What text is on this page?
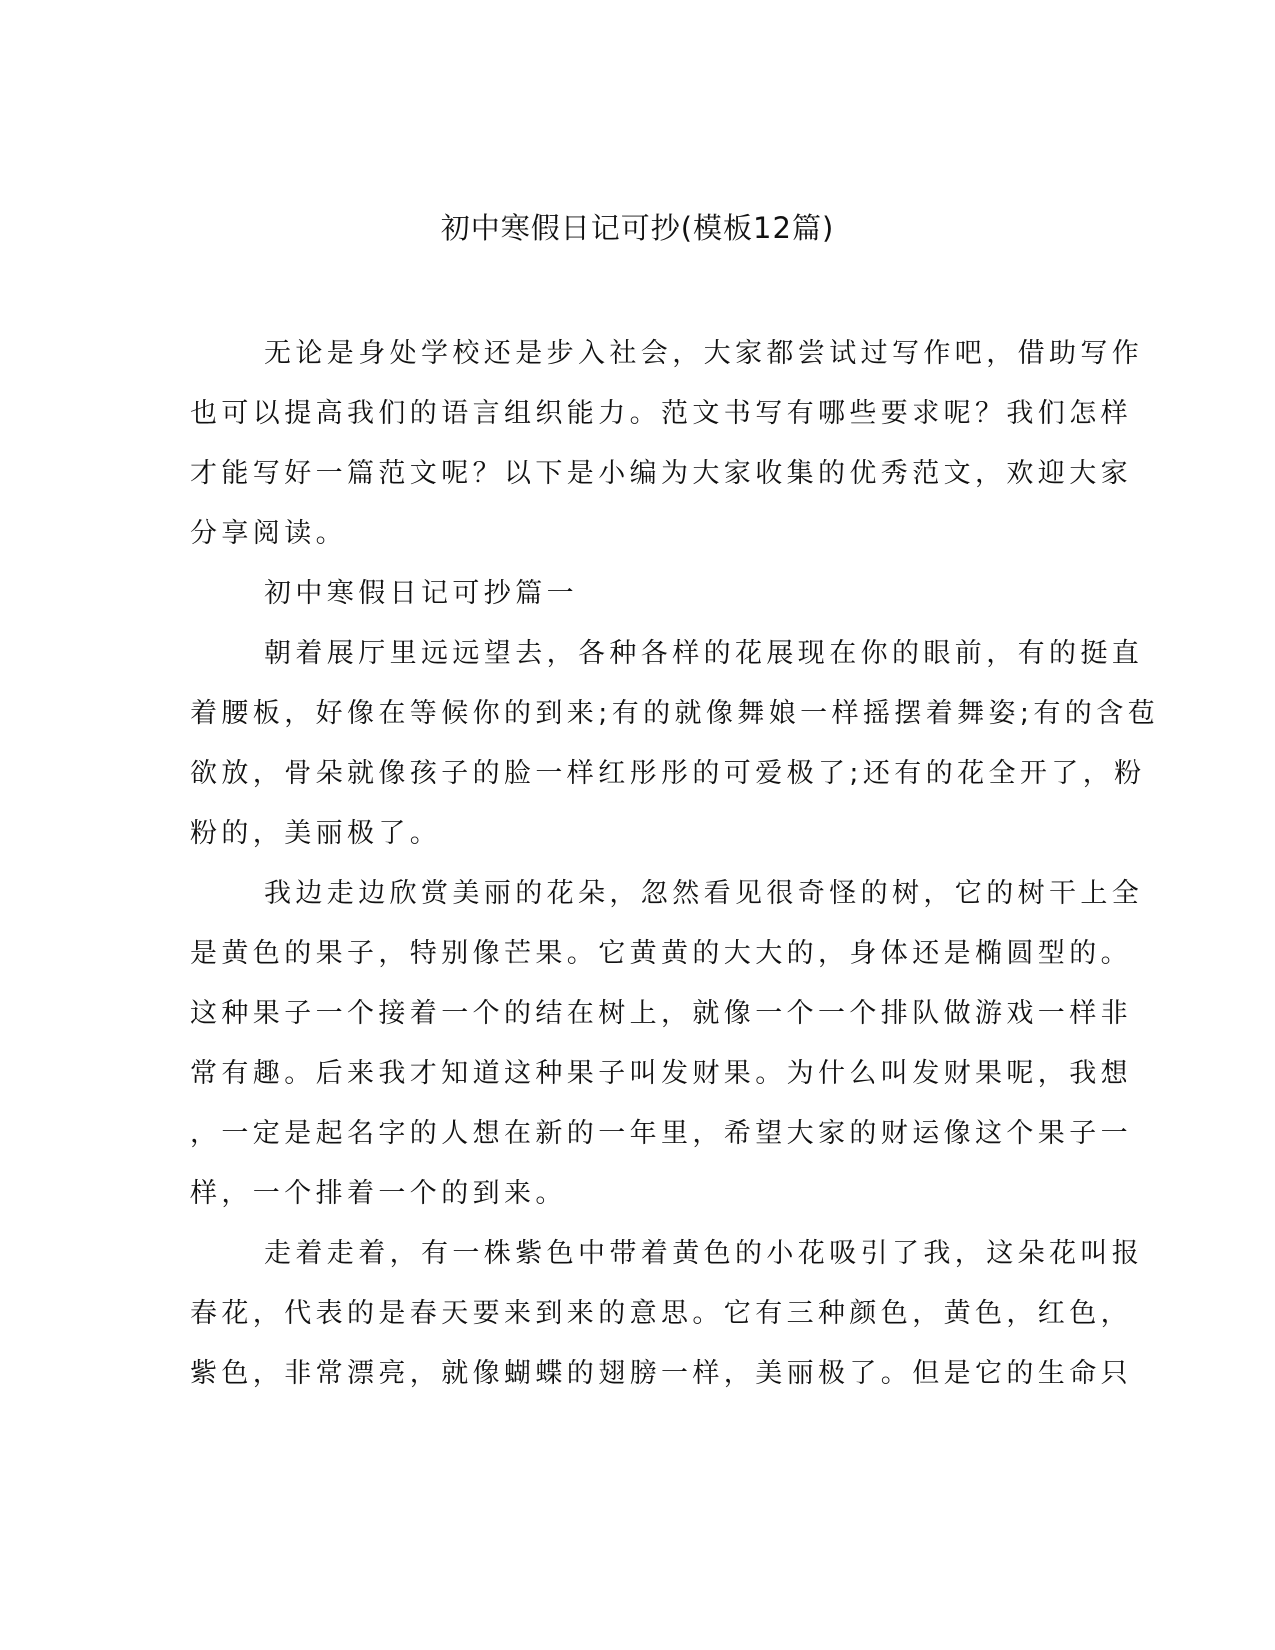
初中寒假日记可抄(模板12篇)
无论是身处学校还是步入社会，大家都尝试过写作吧，借助写作
也可以提高我们的语言组织能力。范文书写有哪些要求呢？我们怎样
才能写好一篇范文呢？以下是小编为大家收集的优秀范文，欢迎大家
分享阅读。
初中寒假日记可抄篇一
朝着展厅里远远望去，各种各样的花展现在你的眼前，有的挺直
着腰板，好像在等候你的到来;有的就像舞娘一样摇摆着舞姿;有的含苞
欲放，骨朵就像孩子的脸一样红彤彤的可爱极了;还有的花全开了，粉
粉的，美丽极了。
我边走边欣赏美丽的花朵，忽然看见很奇怪的树，它的树干上全
是黄色的果子，特别像芒果。它黄黄的大大的，身体还是椭圆型的。
这种果子一个接着一个的结在树上，就像一个一个排队做游戏一样非
常有趣。后来我才知道这种果子叫发财果。为什么叫发财果呢，我想
，一定是起名字的人想在新的一年里，希望大家的财运像这个果子一
样，一个排着一个的到来。
走着走着，有一株紫色中带着黄色的小花吸引了我，这朵花叫报
春花，代表的是春天要来到来的意思。它有三种颜色，黄色，红色，
紫色，非常漂亮，就像蝴蝶的翅膀一样，美丽极了。但是它的生命只
